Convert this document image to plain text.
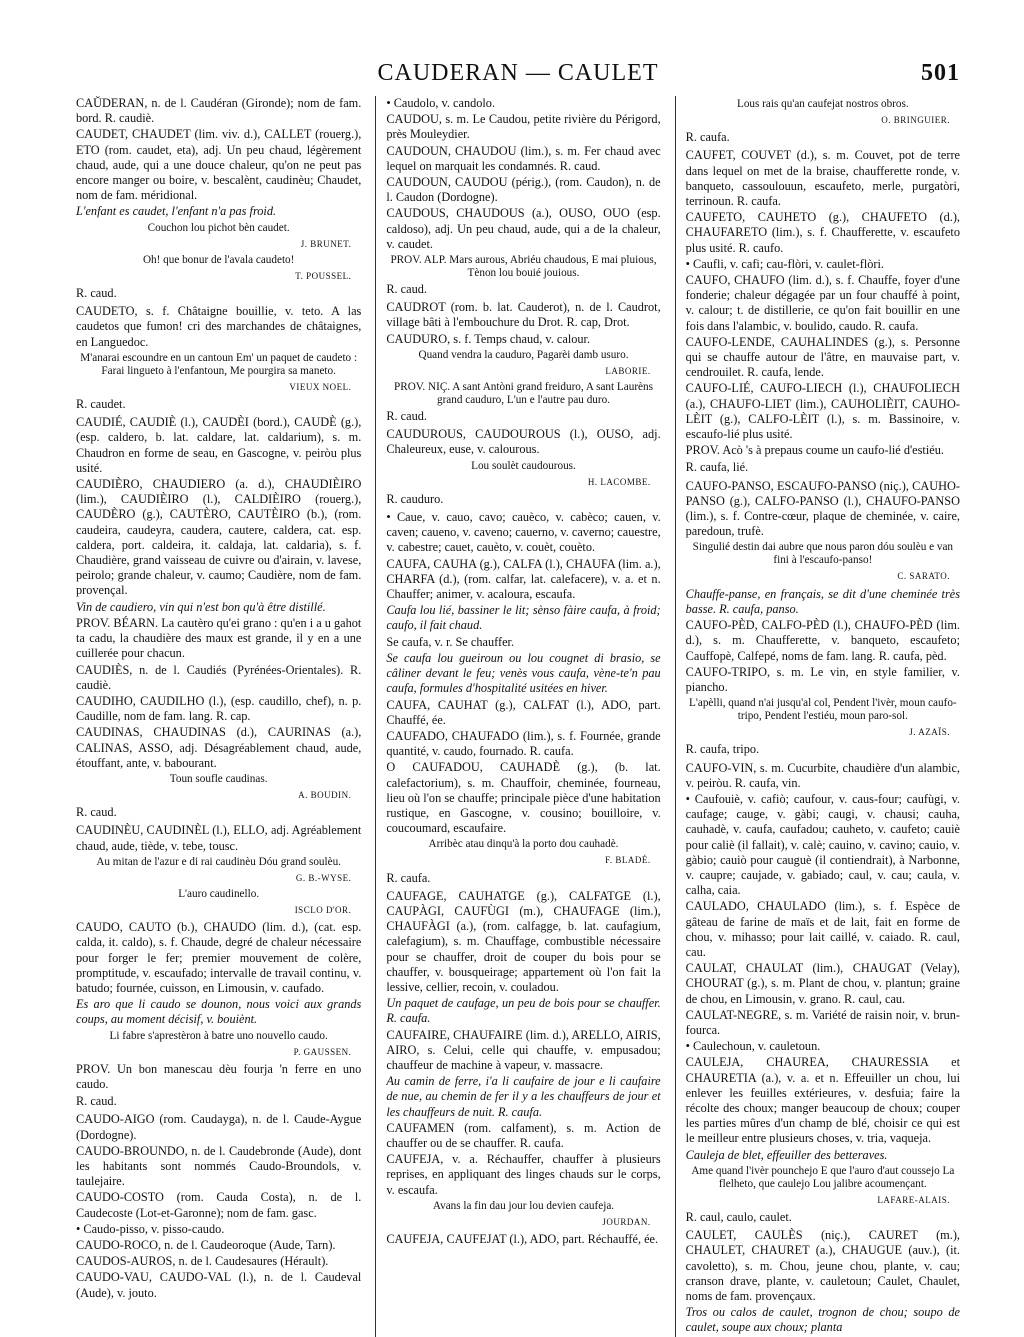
CAUDERAN — CAULET	501

CAŬDERAN, n. de l. Caudéran (Gironde); nom de fam. bord. R. caudiè.

CAUDET, CHAUDET (lim. viv. d.), CALLET (rouerg.), ETO (rom. caudet, eta), adj. Un peu chaud, légèrement chaud, aude, qui a une douce chaleur, qu'on ne peut pas encore manger ou boire, v. bescalènt, caudinèu; Chaudet, nom de fam. méridional.

L'enfant es caudet, l'enfant n'a pas froid.

Couchon lou pichot bèn caudet.

J. BRUNET.

Oh! que bonur de l'avala caudeto!

T. POUSSEL.

R. caud.

CAUDETO, s. f. Châtaigne bouillie, v. teto. A las caudetos que fumon! cri des marchandes de châtaignes, en Languedoc.

M'anarai escoundre en un cantoun Em' un paquet de caudeto : Farai lingueto à l'enfantoun, Me pourgira sa maneto.

VIEUX NOEL.

R. caudet.

CAUDIÉ, CAUDIÈ (l.), CAUDÈI (bord.), CAUDÈ (g.), (esp. caldero, b. lat. caldare, lat. caldarium), s. m. Chaudron en forme de seau, en Gascogne, v. peiròu plus usité.

CAUDIÈRO, CHAUDIERO (a. d.), CHAUDIÈIRO (lim.), CAUDIÈIRO (l.), CALDIÈIRO (rouerg.), CAUDÈRO (g.), CAUTÈRO, CAUTÈIRO (b.), (rom. caudeira, caudeyra, caudera, cautere, caldera, cat. esp. caldera, port. caldeira, it. caldaja, lat. caldaria), s. f. Chaudière, grand vaisseau de cuivre ou d'airain, v. lavese, peirolo; grande chaleur, v. caumo; Caudière, nom de fam. provençal.

Vin de caudiero, vin qui n'est bon qu'à être distillé.

PROV. BÉARN. La cautèro qu'ei grano : qu'en i a u gahot ta cadu, la chaudière des maux est grande, il y en a une cuillerée pour chacun.

CAUDIÈS, n. de l. Caudiés (Pyrénées-Orientales). R. caudiè.

CAUDIHO, CAUDILHO (l.), (esp. caudillo, chef), n. p. Caudille, nom de fam. lang. R. cap.

CAUDINAS, CHAUDINAS (d.), CAURINAS (a.), CALINAS, ASSO, adj. Désagréablement chaud, aude, étouffant, ante, v. babourant.

Toun soufle caudinas.

A. BOUDIN.

R. caud.

CAUDINÈU, CAUDINÈL (l.), ELLO, adj. Agréablement chaud, aude, tiède, v. tebe, tousc.

Au mitan de l'azur e di rai caudinèu Dóu grand soulèu.

G. B.-WYSE.

L'auro caudinello.

ISCLO D'OR.

CAUDO, CAUTO (b.), CHAUDO (lim. d.), (cat. esp. calda, it. caldo), s. f. Chaude, degré de chaleur nécessaire pour forger le fer; premier mouvement de colère, promptitude, v. escaufado; intervalle de travail continu, v. batudo; fournée, cuisson, en Limousin, v. caufado.

Es aro que li caudo se dounon, nous voici aux grands coups, au moment décisif, v. bouiènt.

Li fabre s'aprestèron à batre uno nouvello caudo.

P. GAUSSEN.

PROV. Un bon manescau dèu fourja 'n ferre en uno caudo.

R. caud.

CAUDO-AIGO (rom. Caudayga), n. de l. Caude-Aygue (Dordogne).

CAUDO-BROUNDO, n. de l. Caudebronde (Aude), dont les habitants sont nommés Caudo-Broundols, v. taulejaire.

CAUDO-COSTO (rom. Cauda Costa), n. de l. Caudecoste (Lot-et-Garonne); nom de fam. gasc.

• Caudo-pisso, v. pisso-caudo.

CAUDO-ROCO, n. de l. Caudeoroque (Aude, Tarn).

CAUDOS-AUROS, n. de l. Caudesaures (Hérault).

CAUDO-VAU, CAUDO-VAL (l.), n. de l. Caudeval (Aude), v. jouto.

• Caudolo, v. candolo.

CAUDOU, s. m. Le Caudou, petite rivière du Périgord, près Mouleydier.

CAUDOUN, CHAUDOU (lim.), s. m. Fer chaud avec lequel on marquait les condamnés. R. caud.

CAUDOUN, CAUDOU (périg.), (rom. Caudon), n. de l. Caudon (Dordogne).

CAUDOUS, CHAUDOUS (a.), OUSO, OUO (esp. caldoso), adj. Un peu chaud, aude, qui a de la chaleur, v. caudet.

PROV. ALP. Mars aurous, Abriéu chaudous, E mai pluious, Tènon lou bouié jouious.

R. caud.

CAUDROT (rom. b. lat. Cauderot), n. de l. Caudrot, village bâti à l'embouchure du Drot. R. cap, Drot.

CAUDURO, s. f. Temps chaud, v. calour.

Quand vendra la cauduro, Pagarèi damb usuro.

LABORIE.

PROV. NIÇ. A sant Antòni grand freiduro, A sant Laurèns grand cauduro, L'un e l'autre pau duro.

R. caud.

CAUDUROUS, CAUDOUROUS (l.), OUSO, adj. Chaleureux, euse, v. calourous.

Lou soulèt caudourous.

H. LACOMBE.

R. cauduro.

• Caue, v. cauo, cavo; cauèco, v. cabèco; cauen, v. caven; caueno, v. caveno; cauerno, v. caverno; cauestre, v. cabestre; cauet, cauèto, v. couèt, couèto.

CAUFA, CAUHA (g.), CALFA (l.), CHAUFA (lim. a.), CHARFA (d.), (rom. calfar, lat. calefacere), v. a. et n. Chauffer; animer, v. acaloura, escaufa.

Caufa lou lié, bassiner le lit; sènso fàire caufa, à froid; caufo, il fait chaud.

Se caufa, v. r. Se chauffer.

Se caufa lou gueiroun ou lou cougnet di brasio, se câliner devant le feu; venès vous caufa, vène-te'n pau caufa, formules d'hospitalité usitées en hiver.

CAUFA, CAUHAT (g.), CALFAT (l.), ADO, part. Chauffé, ée.

CAUFADO, CHAUFADO (lim.), s. f. Fournée, grande quantité, v. caudo, fournado. R. caufa.

O CAUFADOU, CAUHADÈ (g.), (b. lat. calefactorium), s. m. Chauffoir, cheminée, fourneau, lieu où l'on se chauffe; principale pièce d'une habitation rustique, en Gascogne, v. cousino; bouilloire, v. coucoumard, escaufaire.

Arribèc atau dinqu'à la porto dou cauhadè.

F. BLADÉ.

R. caufa.

CAUFAGE, CAUHATGE (g.), CALFATGE (l.), CAUPÀGI, CAUFÙGI (m.), CHAUFAGE (lim.), CHAUFÀGI (a.), (rom. calfagge, b. lat. caufagium, calefagium), s. m. Chauffage, combustible nécessaire pour se chauffer, droit de couper du bois pour se chauffer, v. bousqueirage; appartement où l'on fait la lessive, cellier, recoin, v. couladou.

Un paquet de caufage, un peu de bois pour se chauffer. R. caufa.

CAUFAIRE, CHAUFAIRE (lim. d.), ARELLO, AIRIS, AIRO, s. Celui, celle qui chauffe, v. empusadou; chauffeur de machine à vapeur, v. massacre.

Au camin de ferre, i'a li caufaire de jour e li caufaire de nue, au chemin de fer il y a les chauffeurs de jour et les chauffeurs de nuit. R. caufa.

CAUFAMEN (rom. calfament), s. m. Action de chauffer ou de se chauffer. R. caufa.

CAUFEJA, v. a. Réchauffer, chauffer à plusieurs reprises, en appliquant des linges chauds sur le corps, v. escaufa.

Avans la fin dau jour lou devien caufeja.

JOURDAN.

CAUFEJA, CAUFEJAT (l.), ADO, part. Réchauffé, ée.

Lous rais qu'an caufejat nostros obros.

O. BRINGUIER.

R. caufa.

CAUFET, COUVET (d.), s. m. Couvet, pot de terre dans lequel on met de la braise, chaufferette ronde, v. banqueto, cassoulouun, escaufeto, merle, purgatòri, terrinoun. R. caufa.

CAUFETO, CAUHETO (g.), CHAUFETO (d.), CHAUFARETO (lim.), s. f. Chaufferette, v. escaufeto plus usité. R. caufo.

• Caufli, v. cafi; cau-flòri, v. caulet-flòri.

CAUFO, CHAUFO (lim. d.), s. f. Chauffe, foyer d'une fonderie; chaleur dégagée par un four chauffé à point, v. calour; t. de distillerie, ce qu'on fait bouillir en une fois dans l'alambic, v. boulido, caudo. R. caufa.

CAUFO-LENDE, CAUHALINDES (g.), s. Personne qui se chauffe autour de l'âtre, en mauvaise part, v. cendrouilet. R. caufa, lende.

CAUFO-LIÉ, CAUFO-LIECH (l.), CHAUFOLIECH (a.), CHAUFO-LIET (lim.), CAUHOLIÈIT, CAUHO-LÈIT (g.), CALFO-LÈIT (l.), s. m. Bassinoire, v. escaufo-lié plus usité.

PROV. Acò 's à prepaus coume un caufo-lié d'estiéu.

R. caufa, lié.

CAUFO-PANSO, ESCAUFO-PANSO (niç.), CAUHO-PANSO (g.), CALFO-PANSO (l.), CHAUFO-PANSO (lim.), s. f. Contre-cœur, plaque de cheminée, v. caire, paredoun, trufè.

Singulié destin dai aubre que nous paron dóu soulèu e van fini à l'escaufo-panso!

C. SARATO.

Chauffe-panse, en français, se dit d'une cheminée très basse. R. caufa, panso.

CAUFO-PÈD, CALFO-PÈD (l.), CHAUFO-PÈD (lim. d.), s. m. Chaufferette, v. banqueto, escaufeto; Cauffopè, Calfepé, noms de fam. lang. R. caufa, pèd.

CAUFO-TRIPO, s. m. Le vin, en style familier, v. piancho.

L'apèlli, quand n'ai jusqu'al col, Pendent l'ivèr, moun caufo-tripo, Pendent l'estiéu, moun paro-sol.

J. AZAÏS.

R. caufa, tripo.

CAUFO-VIN, s. m. Cucurbite, chaudière d'un alambic, v. peiròu. R. caufa, vin.

• Caufouiè, v. cafiò; caufour, v. caus-four; caufùgi, v. caufage; cauge, v. gàbi; caugi, v. chausi; cauha, cauhadè, v. caufa, caufadou; cauheto, v. caufeto; cauiè pour caliè (il fallait), v. calè; cauino, v. cavino; cauio, v. gàbio; cauiò pour cauguè (il contiendrait), à Narbonne, v. caupre; caujade, v. gabiado; caul, v. cau; caula, v. calha, caia.

CAULADO, CHAULADO (lim.), s. f. Espèce de gâteau de farine de maïs et de lait, fait en forme de chou, v. mihasso; pour lait caillé, v. caiado. R. caul, cau.

CAULAT, CHAULAT (lim.), CHAUGAT (Velay), CHOURAT (g.), s. m. Plant de chou, v. plantun; graine de chou, en Limousin, v. grano. R. caul, cau.

CAULAT-NEGRE, s. m. Variété de raisin noir, v. brun-fourca.

• Caulechoun, v. cauletoun.

CAULEJA, CHAUREA, CHAURESSIA et CHAURETIA (a.), v. a. et n. Effeuiller un chou, lui enlever les feuilles extérieures, v. desfuia; faire la récolte des choux; manger beaucoup de choux; couper les parties mûres d'un champ de blé, choisir ce qui est le meilleur entre plusieurs choses, v. tria, vaqueja.

Cauleja de blet, effeuiller des betteraves.

Ame quand l'ivèr pounchejo E que l'auro d'aut coussejo La flelheto, que caulejo Lou jalibre acoumençant.

LAFARE-ALAIS.

R. caul, caulo, caulet.

CAULET, CAULÈS (niç.), CAURET (m.), CHAULET, CHAURET (a.), CHAUGUE (auv.), (it. cavoletto), s. m. Chou, jeune chou, plante, v. cau; cranson drave, plante, v. cauletoun; Caulet, Chaulet, noms de fam. provençaux.

Tros ou calos de caulet, trognon de chou; soupo de caulet, soupe aux choux; planta
